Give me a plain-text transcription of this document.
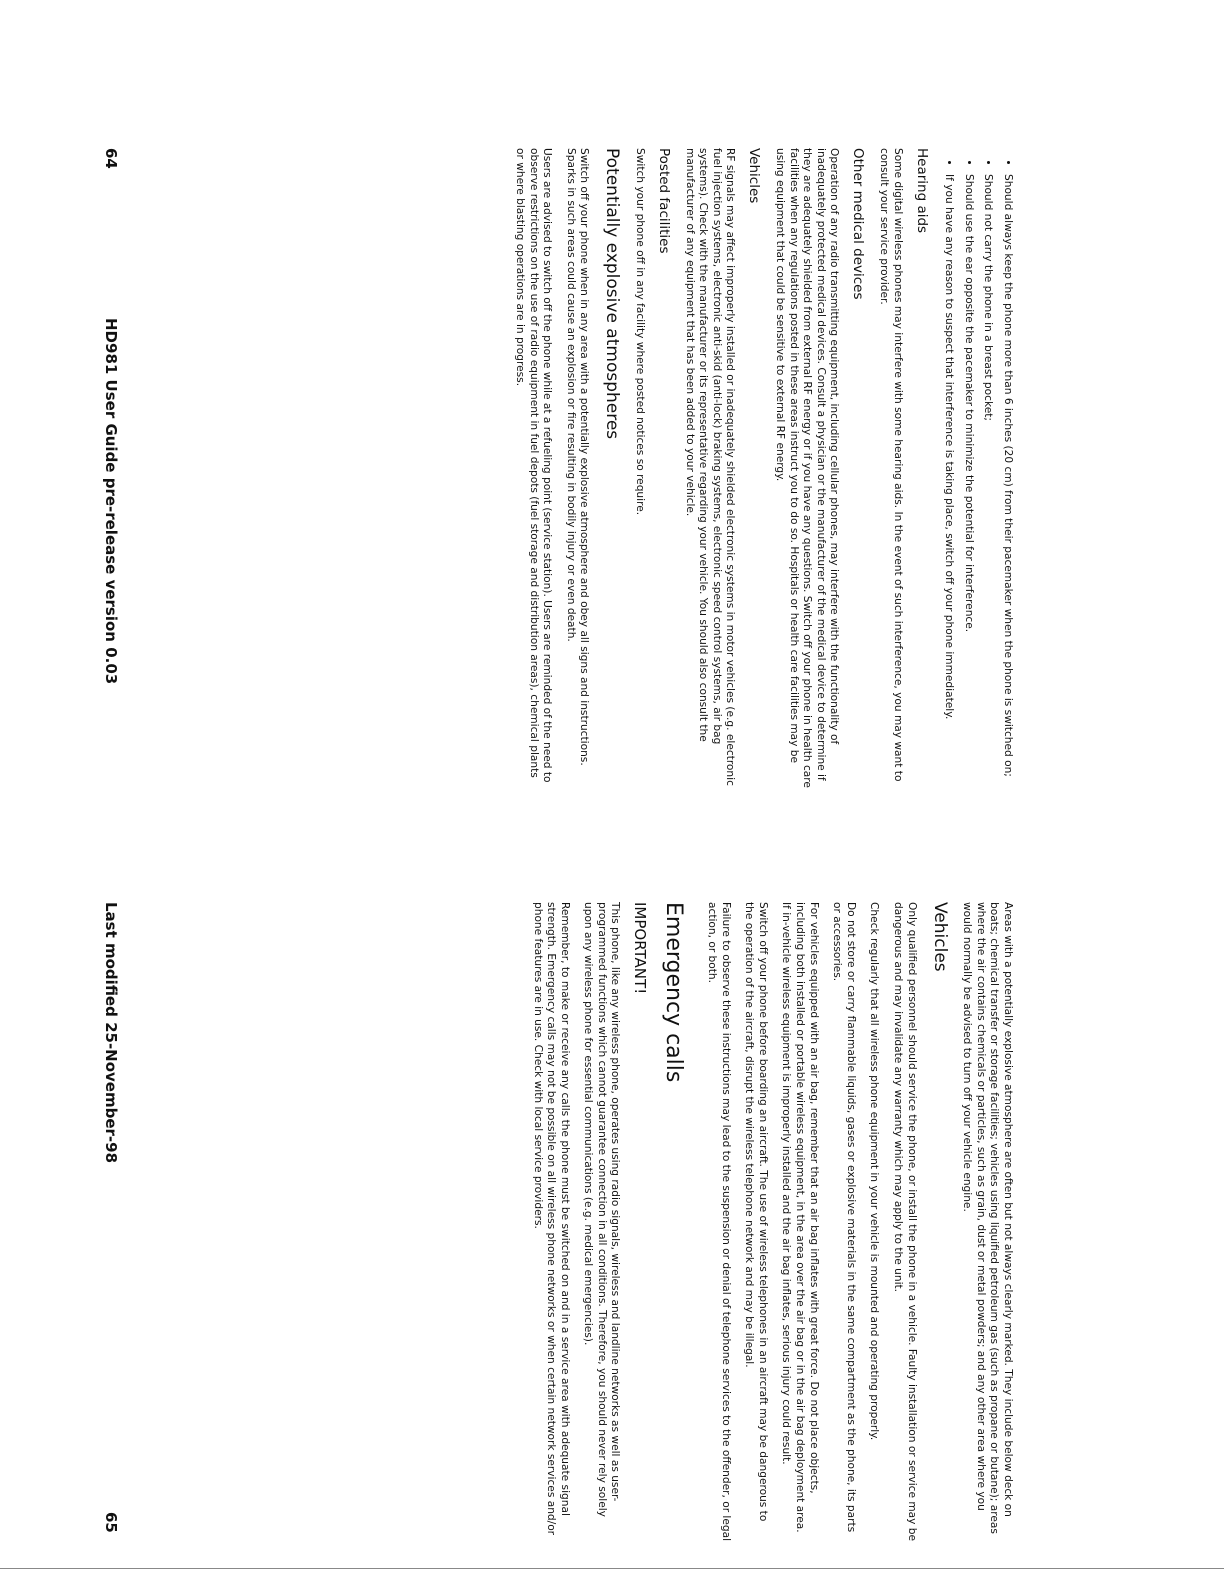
• Should always keep the phone more than 6 inches (20 cm) from their pacemaker when the phone is switched on;
• Should not carry the phone in a breast pocket;
• Should use the ear opposite the pacemaker to minimize the potential for interference.
• If you have any reason to suspect that interference is taking place, switch off your phone immediately.
Hearing aids

Some digital wireless phones may interfere with some hearing aids. In the event of such interference, you may want to consult your service provider.

Other medical devices

Operation of any radio transmitting equipment, including cellular phones, may interfere with the functionality of inadequately protected medical devices. Consult a physician or the manufacturer of the medical device to determine if they are adequately shielded from external RF energy or if you have any questions. Switch off your phone in health care facilities when any regulations posted in these areas instruct you to do so. Hospitals or health care facilities may be using equipment that could be sensitive to external RF energy.

Vehicles

RF signals may affect improperly installed or inadequately shielded electronic systems in motor vehicles (e.g. electronic fuel injection systems, electronic anti-skid (anti-lock) braking systems, electronic speed control systems, air bag systems). Check with the manufacturer or its representative regarding your vehicle. You should also consult the manufacturer of any equipment that has been added to your vehicle.

Posted facilities

Switch your phone off in any facility where posted notices so require.

Potentially explosive atmospheres

Switch off your phone when in any area with a potentially explosive atmosphere and obey all signs and instructions. Sparks in such areas could cause an explosion or fire resulting in bodily injury or even death.

Users are advised to switch off the phone while at a refueling point (service station). Users are reminded of the need to observe restrictions on the use of radio equipment in fuel depots (fuel storage and distribution areas), chemical plants or where blasting operations are in progress.

64
HD981 User Guide pre-release version 0.03

Areas with a potentially explosive atmosphere are often but not always clearly marked. They include below deck on boats; chemical transfer or storage facilities; vehicles using liquified petroleum gas (such as propane or butane); areas where the air contains chemicals or particles, such as grain, dust or metal powders; and any other area where you would normally be advised to turn off your vehicle engine.

Vehicles

Only qualified personnel should service the phone, or install the phone in a vehicle. Faulty installation or service may be dangerous and may invalidate any warranty which may apply to the unit.

Check regularly that all wireless phone equipment in your vehicle is mounted and operating properly.

Do not store or carry flammable liquids, gases or explosive materials in the same compartment as the phone, its parts or accessories.

For vehicles equipped with an air bag, remember that an air bag inflates with great force. Do not place objects, including both installed or portable wireless equipment, in the area over the air bag or in the air bag deployment area. If in-vehicle wireless equipment is improperly installed and the air bag inflates, serious injury could result.

Switch off your phone before boarding an aircraft. The use of wireless telephones in an aircraft may be dangerous to the operation of the aircraft, disrupt the wireless telephone network and may be illegal.

Failure to observe these instructions may lead to the suspension or denial of telephone services to the offender, or legal action, or both.

Emergency calls
IMPORTANT!

This phone, like any wireless phone, operates using radio signals, wireless and landline networks as well as user- programmed functions which cannot guarantee connection in all conditions. Therefore, you should never rely solely upon any wireless phone for essential communications (e.g. medical emergencies).

Remember, to make or receive any calls the phone must be switched on and in a service area with adequate signal strength. Emergency calls may not be possible on all wireless phone networks or when certain network services and/or phone features are in use. Check with local service providers.

Last modified 25-November-98
65
